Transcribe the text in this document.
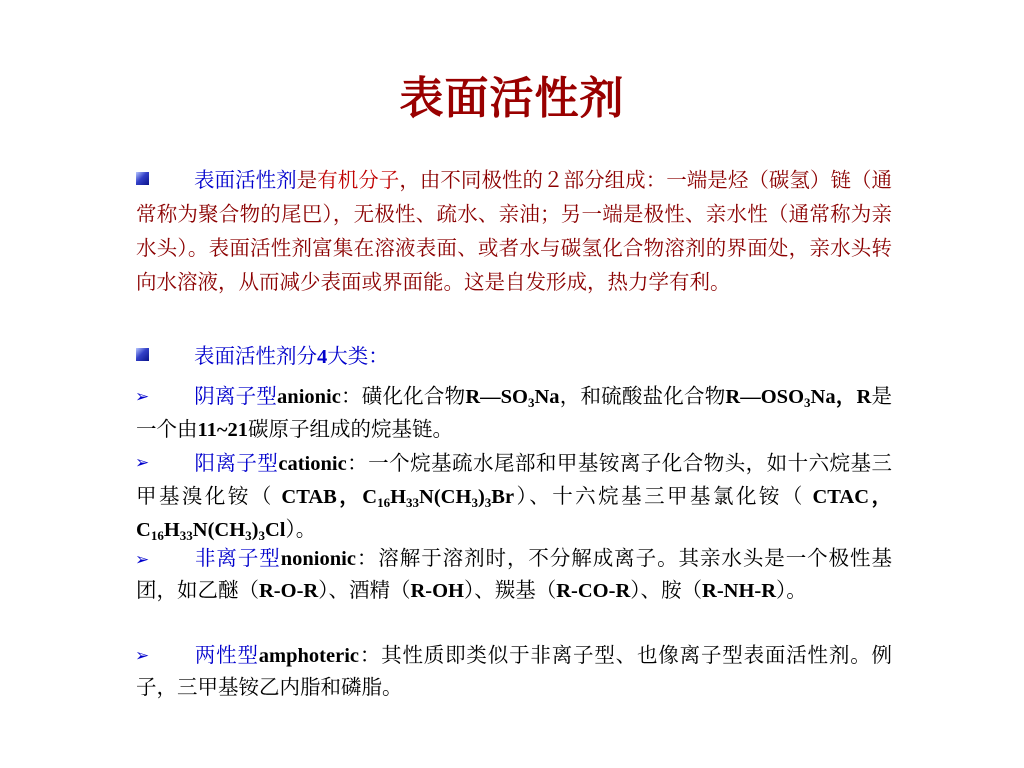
表面活性剂
表面活性剂是有机分子，由不同极性的２部分组成：一端是烃（碳氢）链（通常称为聚合物的尾巴），无极性、疏水、亲油；另一端是极性、亲水性（通常称为亲水头）。表面活性剂富集在溶液表面、或者水与碳氢化合物溶剂的界面处，亲水头转向水溶液，从而减少表面或界面能。这是自发形成，热力学有利。
表面活性剂分4大类：
➢	阴离子型anionic：磺化化合物$R—SO_3Na$，和硫酸盐化合物$R—OSO_3Na$，R是一个由11~21碳原子组成的烷基链。
➢	阳离子型cationic：一个烷基疏水尾部和甲基铵离子化合物头，如十六烷基三甲基溴化铵（ CTAB，$C_{16}H_{33}N(CH_3)_3Br$）、十六烷基三甲基氯化铵（ CTAC，$C_{16}H_{33}N(CH_3)_3Cl$）。
➢	非离子型nonionic：溶解于溶剂时，不分解成离子。其亲水头是一个极性基团，如乙醚（R-O-R）、酒精（R-OH）、羰基（R-CO-R）、胺（R-NH-R）。
➢	两性型amphoteric：其性质即类似于非离子型、也像离子型表面活性剂。例子，三甲基铵乙内脂和磷脂。
